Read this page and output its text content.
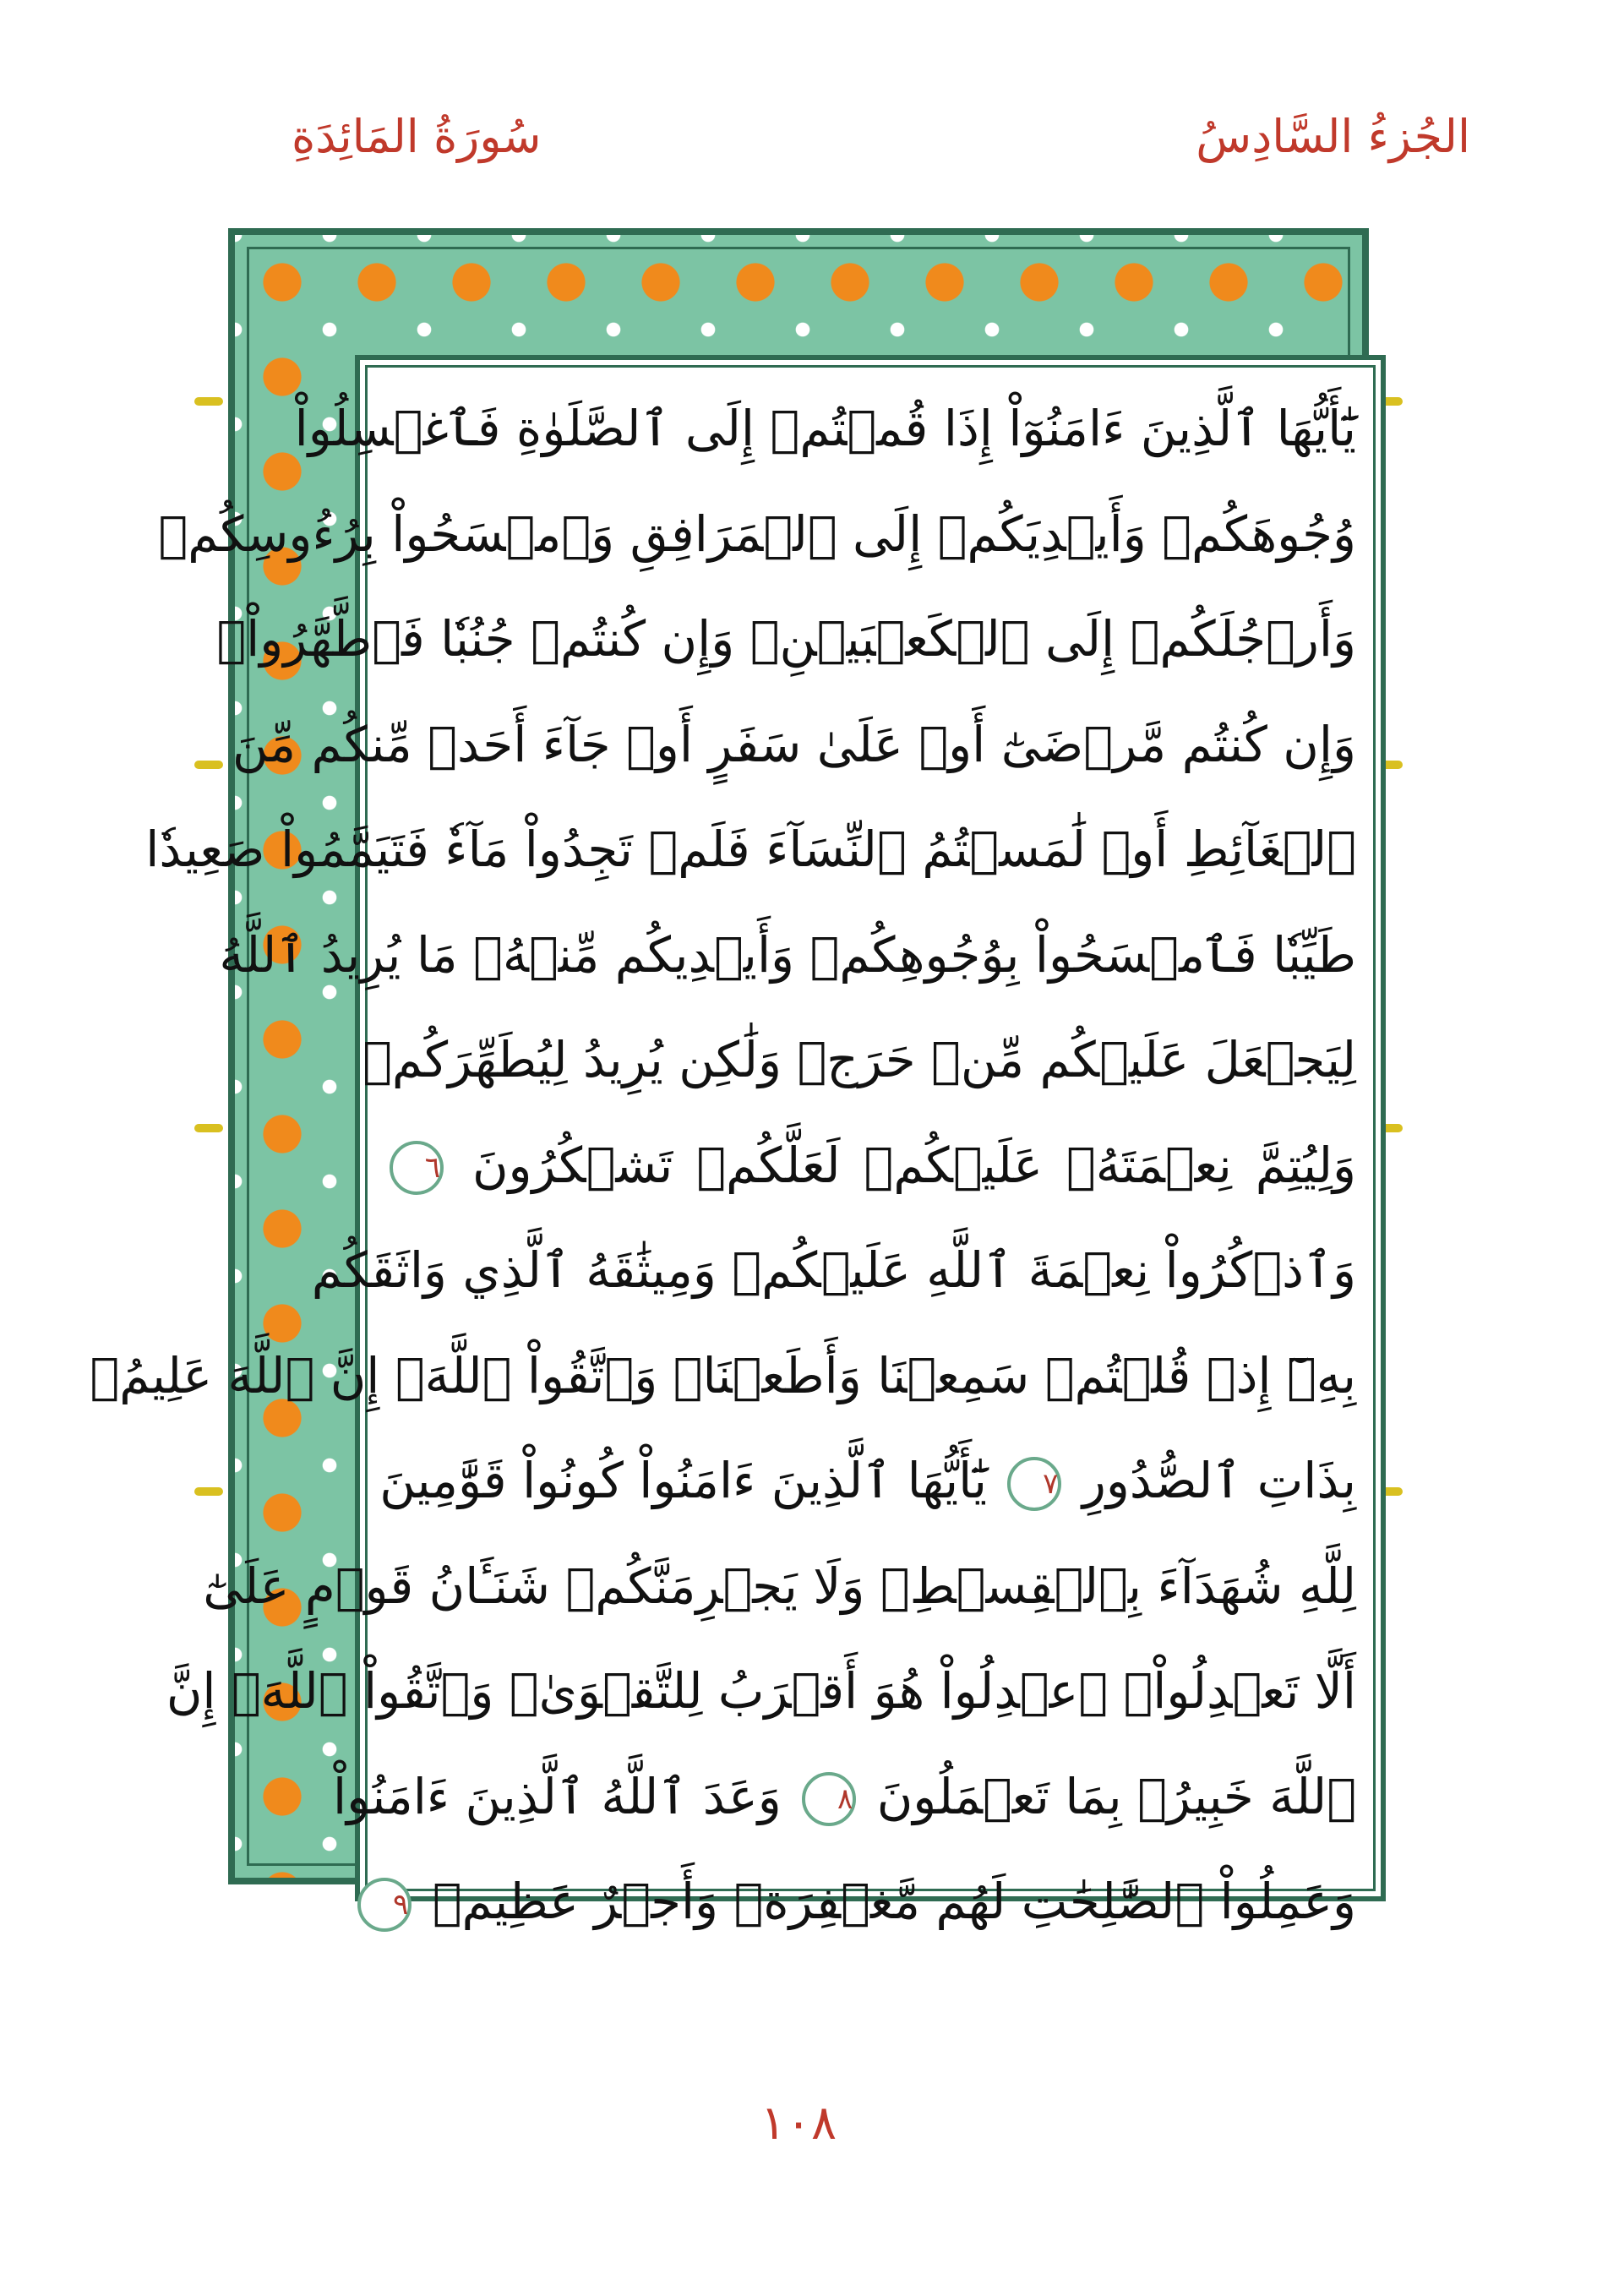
الجُزءُ السَّادِسُ
سُورَةُ المَائِدَةِ
يَٰٓأَيُّهَا ٱلَّذِينَ ءَامَنُوٓاْ إِذَا قُمۡتُمۡ إِلَى ٱلصَّلَوٰةِ فَٱغۡسِلُواْ
وُجُوهَكُمۡ وَأَيۡدِيَكُمۡ إِلَى ٱلۡمَرَافِقِ وَٱمۡسَحُواْ بِرُءُوسِكُمۡ
وَأَرۡجُلَكُمۡ إِلَى ٱلۡكَعۡبَيۡنِۚ وَإِن كُنتُمۡ جُنُبٗا فَٱطَّهَّرُواْۚ
وَإِن كُنتُم مَّرۡضَىٰٓ أَوۡ عَلَىٰ سَفَرٍ أَوۡ جَآءَ أَحَدٞ مِّنكُم مِّنَ
ٱلۡغَآئِطِ أَوۡ لَٰمَسۡتُمُ ٱلنِّسَآءَ فَلَمۡ تَجِدُواْ مَآءٗ فَتَيَمَّمُواْ صَعِيدٗا
طَيِّبٗا فَٱمۡسَحُواْ بِوُجُوهِكُمۡ وَأَيۡدِيكُم مِّنۡهُۚ مَا يُرِيدُ ٱللَّهُ
لِيَجۡعَلَ عَلَيۡكُم مِّنۡ حَرَجٖ وَلَٰكِن يُرِيدُ لِيُطَهِّرَكُمۡ
وَلِيُتِمَّ نِعۡمَتَهُۥ عَلَيۡكُمۡ لَعَلَّكُمۡ تَشۡكُرُونَ ٦
وَٱذۡكُرُواْ نِعۡمَةَ ٱللَّهِ عَلَيۡكُمۡ وَمِيثَٰقَهُ ٱلَّذِي وَاثَقَكُم
بِهِۦٓ إِذۡ قُلۡتُمۡ سَمِعۡنَا وَأَطَعۡنَاۖ وَٱتَّقُواْ ٱللَّهَۚ إِنَّ ٱللَّهَ عَلِيمُۢ
بِذَاتِ ٱلصُّدُورِ ٧ يَٰٓأَيُّهَا ٱلَّذِينَ ءَامَنُواْ كُونُواْ قَوَّٰمِينَ
لِلَّهِ شُهَدَآءَ بِٱلۡقِسۡطِۖ وَلَا يَجۡرِمَنَّكُمۡ شَنَـَٔانُ قَوۡمٍ عَلَىٰٓ
أَلَّا تَعۡدِلُواْۚ ٱعۡدِلُواْ هُوَ أَقۡرَبُ لِلتَّقۡوَىٰۖ وَٱتَّقُواْ ٱللَّهَۚ إِنَّ
ٱللَّهَ خَبِيرُۢ بِمَا تَعۡمَلُونَ ٨ وَعَدَ ٱللَّهُ ٱلَّذِينَ ءَامَنُواْ
وَعَمِلُواْ ٱلصَّٰلِحَٰتِ لَهُم مَّغۡفِرَةٞ وَأَجۡرٌ عَظِيمٞ ٩
١٠٨
